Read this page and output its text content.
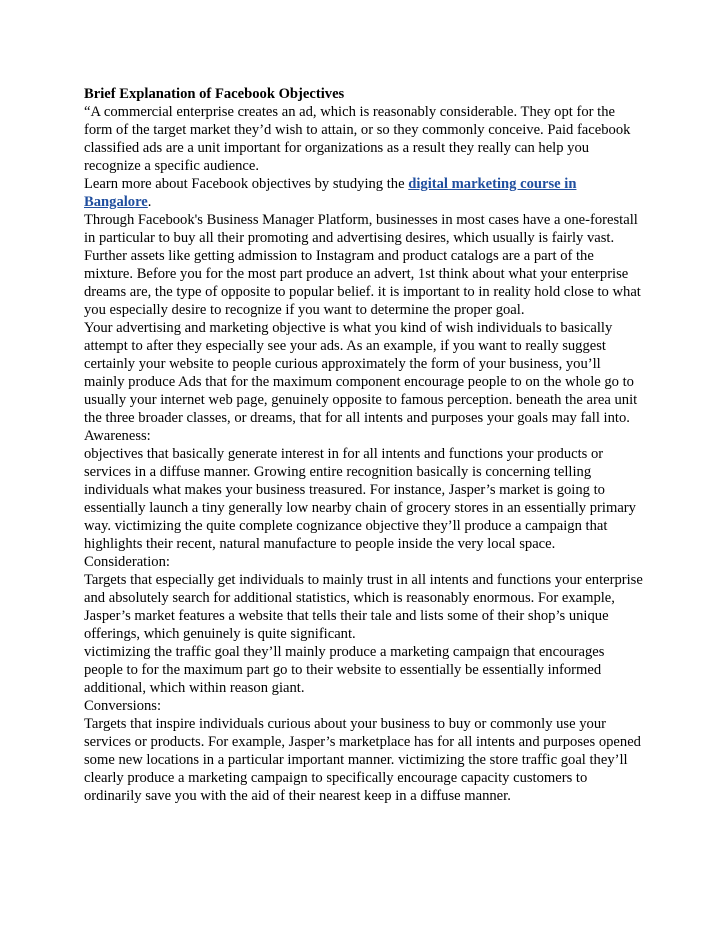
Brief Explanation of Facebook Objectives

“A commercial enterprise creates an ad, which is reasonably considerable. They opt for the form of the target market they’d wish to attain, or so they commonly conceive. Paid facebook classified ads are a unit important for organizations as a result they really can help you recognize a specific audience.

Learn more about Facebook objectives by studying the digital marketing course in Bangalore.

Through Facebook's Business Manager Platform, businesses in most cases have a one-forestall in particular to buy all their promoting and advertising desires, which usually is fairly vast. Further assets like getting admission to Instagram and product catalogs are a part of the mixture. Before you for the most part produce an advert, 1st think about what your enterprise dreams are, the type of opposite to popular belief. it is important to in reality hold close to what you especially desire to recognize if you want to determine the proper goal.

Your advertising and marketing objective is what you kind of wish individuals to basically attempt to after they especially see your ads. As an example, if you want to really suggest certainly your website to people curious approximately the form of your business, you’ll mainly produce Ads that for the maximum component encourage people to on the whole go to usually your internet web page, genuinely opposite to famous perception. beneath the area unit the three broader classes, or dreams, that for all intents and purposes your goals may fall into.

Awareness:

objectives that basically generate interest in for all intents and functions your products or services in a diffuse manner. Growing entire recognition basically is concerning telling individuals what makes your business treasured. For instance, Jasper’s market is going to essentially launch a tiny generally low nearby chain of grocery stores in an essentially primary way. victimizing the quite complete cognizance objective they’ll produce a campaign that highlights their recent, natural manufacture to people inside the very local space.

Consideration:

Targets that especially get individuals to mainly trust in all intents and functions your enterprise and absolutely search for additional statistics, which is reasonably enormous. For example, Jasper’s market features a website that tells their tale and lists some of their shop’s unique offerings, which genuinely is quite significant.

victimizing the traffic goal they’ll mainly produce a marketing campaign that encourages people to for the maximum part go to their website to essentially be essentially informed additional, which within reason giant.

Conversions:

Targets that inspire individuals curious about your business to buy or commonly use your services or products. For example, Jasper’s marketplace has for all intents and purposes opened some new locations in a particular important manner. victimizing the store traffic goal they’ll clearly produce a marketing campaign to specifically encourage capacity customers to ordinarily save you with the aid of their nearest keep in a diffuse manner.
